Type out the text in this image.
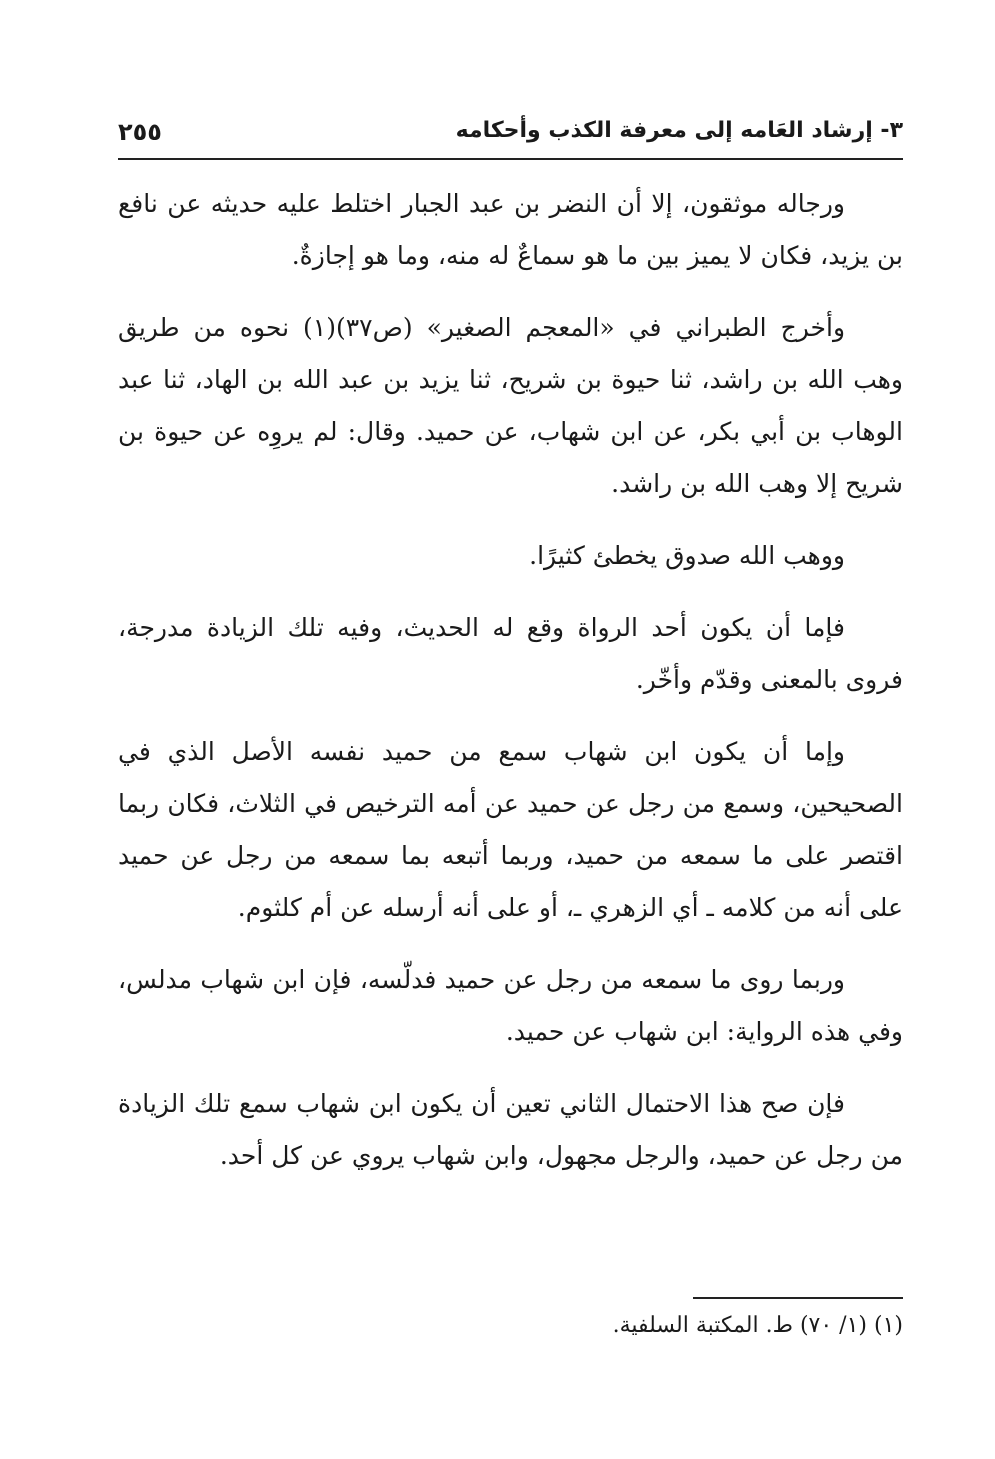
٣- إرشاد العَامه إلى معرفة الكذب وأحكامه
٢٥٥

ورجاله موثقون، إلا أن النضر بن عبد الجبار اختلط عليه حديثه عن نافع بن يزيد، فكان لا يميز بين ما هو سماعٌ له منه، وما هو إجازةٌ.

وأخرج الطبراني في «المعجم الصغير» (ص٣٧)(١) نحوه من طريق وهب الله بن راشد، ثنا حيوة بن شريح، ثنا يزيد بن عبد الله بن الهاد، ثنا عبد الوهاب بن أبي بكر، عن ابن شهاب، عن حميد. وقال: لم يروِه عن حيوة بن شريح إلا وهب الله بن راشد.

ووهب الله صدوق يخطئ كثيرًا.

فإما أن يكون أحد الرواة وقع له الحديث، وفيه تلك الزيادة مدرجة، فروى بالمعنى وقدّم وأخّر.

وإما أن يكون ابن شهاب سمع من حميد نفسه الأصل الذي في الصحيحين، وسمع من رجل عن حميد عن أمه الترخيص في الثلاث، فكان ربما اقتصر على ما سمعه من حميد، وربما أتبعه بما سمعه من رجل عن حميد على أنه من كلامه ـ أي الزهري ـ، أو على أنه أرسله عن أم كلثوم.

وربما روى ما سمعه من رجل عن حميد فدلّسه، فإن ابن شهاب مدلس، وفي هذه الرواية: ابن شهاب عن حميد.

فإن صح هذا الاحتمال الثاني تعين أن يكون ابن شهاب سمع تلك الزيادة من رجل عن حميد، والرجل مجهول، وابن شهاب يروي عن كل أحد.

(١) (١/ ٧٠) ط. المكتبة السلفية.
